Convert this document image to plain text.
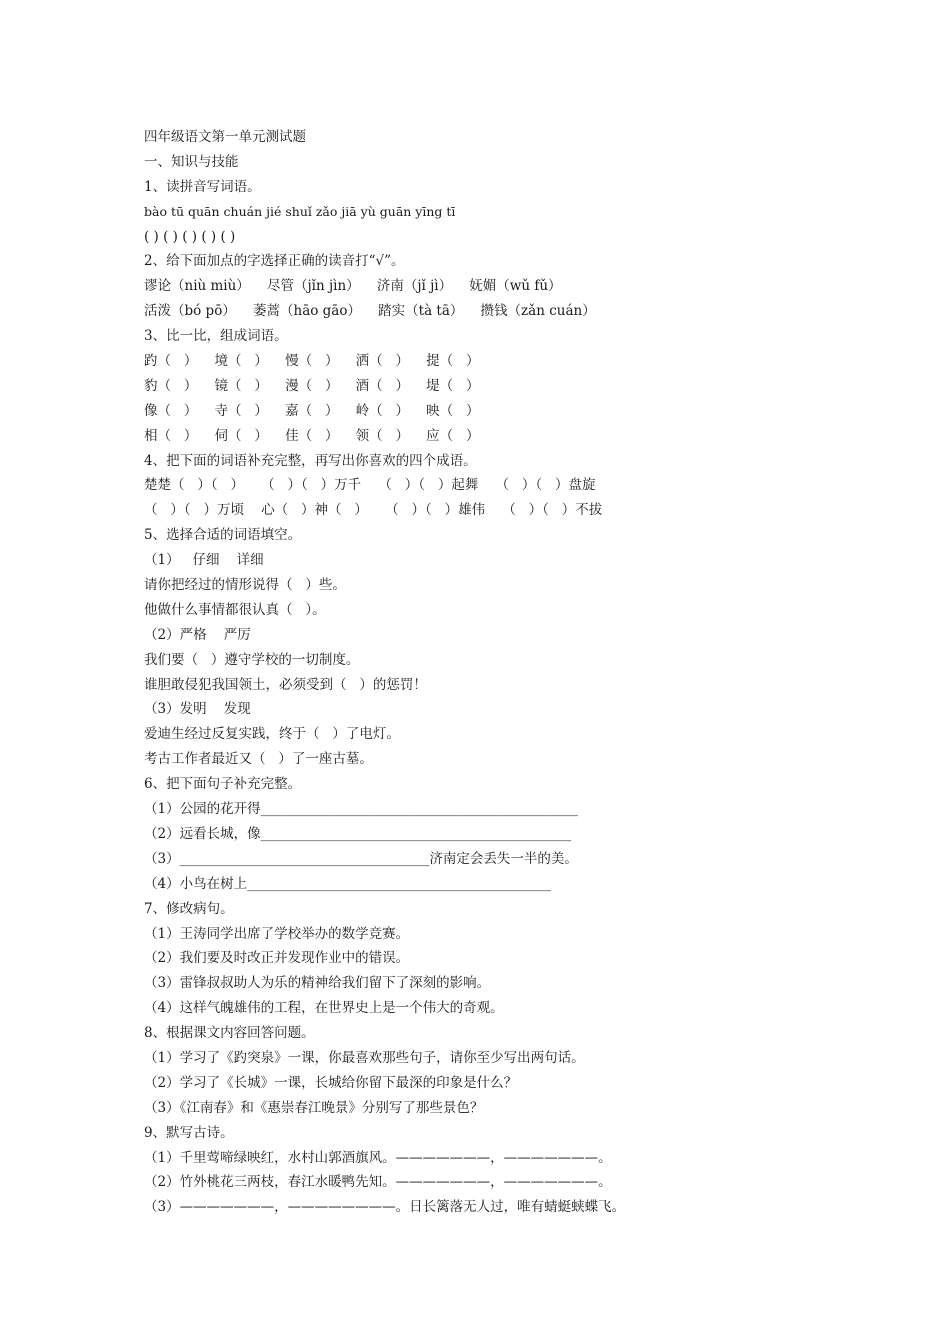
四年级语文第一单元测试题
一、知识与技能
1、读拼音写词语。
bào tū quān chuán jié shuǐ zǎo jiā yù guān yīng tī
( ) ( ) ( ) ( ) ( )
2、给下面加点的字选择正确的读音打“√”。
谬论（niù miù）    尽管（jǐn jìn）    济南（jǐ jì）    妩媚（wǔ fǔ）
活泼（bó pō）    萎蒿（hāo gāo）    踏实（tà tā）    攒钱（zǎn cuán）
3、比一比，组成词语。
趵（   ）    境（   ）    慢（   ）    洒（   ）    提（   ）
豹（   ）    镜（   ）    漫（   ）    酒（   ）    堤（   ）
像（   ）    寺（   ）    嘉（   ）    岭（   ）    映（   ）
相（   ）    伺（   ）    佳（   ）    领（   ）    应（   ）
4、把下面的词语补充完整，再写出你喜欢的四个成语。
楚楚（   ）（   ）    （   ）（   ）万千    （   ）（   ）起舞    （   ）（   ）盘旋
（   ）（   ）万顷    心（   ）神（   ）    （   ）（   ）雄伟    （   ）（   ）不拔
5、选择合适的词语填空。
（1）   仔细    详细
请你把经过的情形说得（   ）些。
他做什么事情都很认真（   ）。
（2）严格    严厉
我们要（   ）遵守学校的一切制度。
谁胆敢侵犯我国领土，必须受到（   ）的惩罚！
（3）发明    发现
爱迪生经过反复实践，终于（   ）了电灯。
考古工作者最近又（   ）了一座古墓。
6、把下面句子补充完整。
（1）公园的花开得_______________________________________________
（2）远看长城，像______________________________________________
（3）_____________________________________济南定会丢失一半的美。
（4）小鸟在树上_____________________________________________
7、修改病句。
（1）王涛同学出席了学校举办的数学竞赛。
（2）我们要及时改正并发现作业中的错误。
（3）雷锋叔叔助人为乐的精神给我们留下了深刻的影响。
（4）这样气魄雄伟的工程，在世界史上是一个伟大的奇观。
8、根据课文内容回答问题。
（1）学习了《趵突泉》一课，你最喜欢那些句子，请你至少写出两句话。
（2）学习了《长城》一课，长城给你留下最深的印象是什么？
（3）《江南春》和《惠崇春江晚景》分别写了那些景色？
9、默写古诗。
（1）千里莺啼绿映红，水村山郭酒旗风。———————，———————。
（2）竹外桃花三两枝，春江水暖鸭先知。———————，———————。
（3）———————，————————。日长篱落无人过，唯有蜻蜓蛱蝶飞。
